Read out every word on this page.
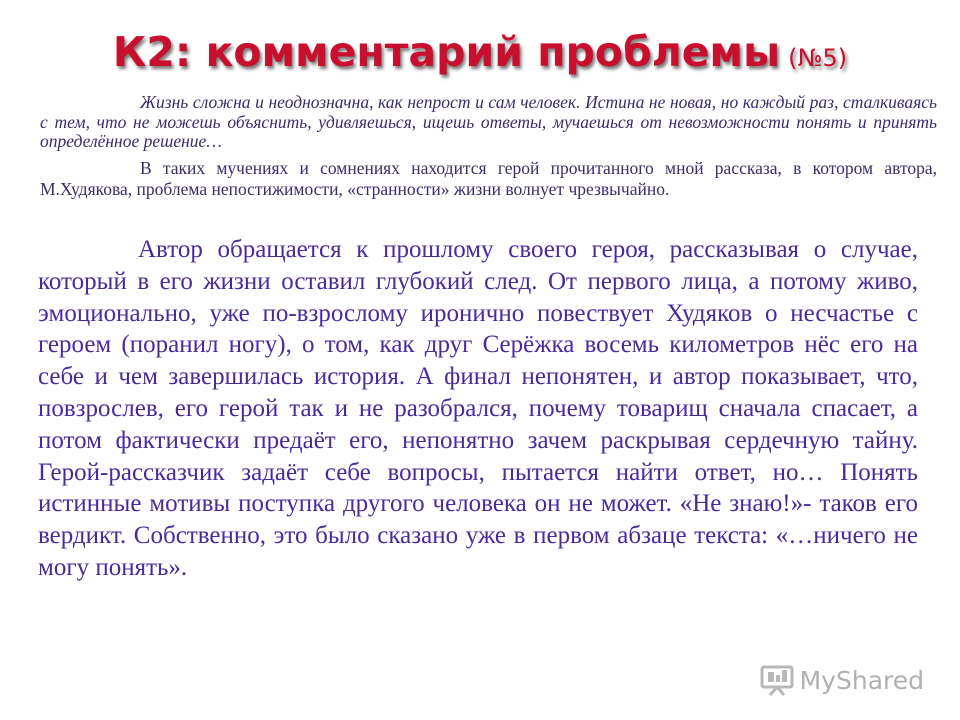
К2: комментарий проблемы (№5)

Жизнь сложна и неоднозначна, как непрост и сам человек. Истина не новая, но каждый раз, сталкиваясь с тем, что не можешь объяснить, удивляешься, ищешь ответы, мучаешься от невозможности понять и принять определённое решение…

В таких мучениях и сомнениях находится герой прочитанного мной рассказа, в котором автора, М.Худякова, проблема непостижимости, «странности» жизни волнует чрезвычайно.

Автор обращается к прошлому своего героя, рассказывая о случае, который в его жизни оставил глубокий след. От первого лица, а потому живо, эмоционально, уже по-взрослому иронично повествует Худяков о несчастье с героем (поранил ногу), о том, как друг Серёжка восемь километров нёс его на себе и чем завершилась история. А финал непонятен, и автор показывает, что, повзрослев, его герой так и не разобрался, почему товарищ сначала спасает, а потом фактически предаёт его, непонятно зачем раскрывая сердечную тайну. Герой-рассказчик задаёт себе вопросы, пытается найти ответ, но… Понять истинные мотивы поступка другого человека он не может. «Не знаю!»- таков его вердикт. Собственно, это было сказано уже в первом абзаце текста: «…ничего не могу понять».

MyShared
